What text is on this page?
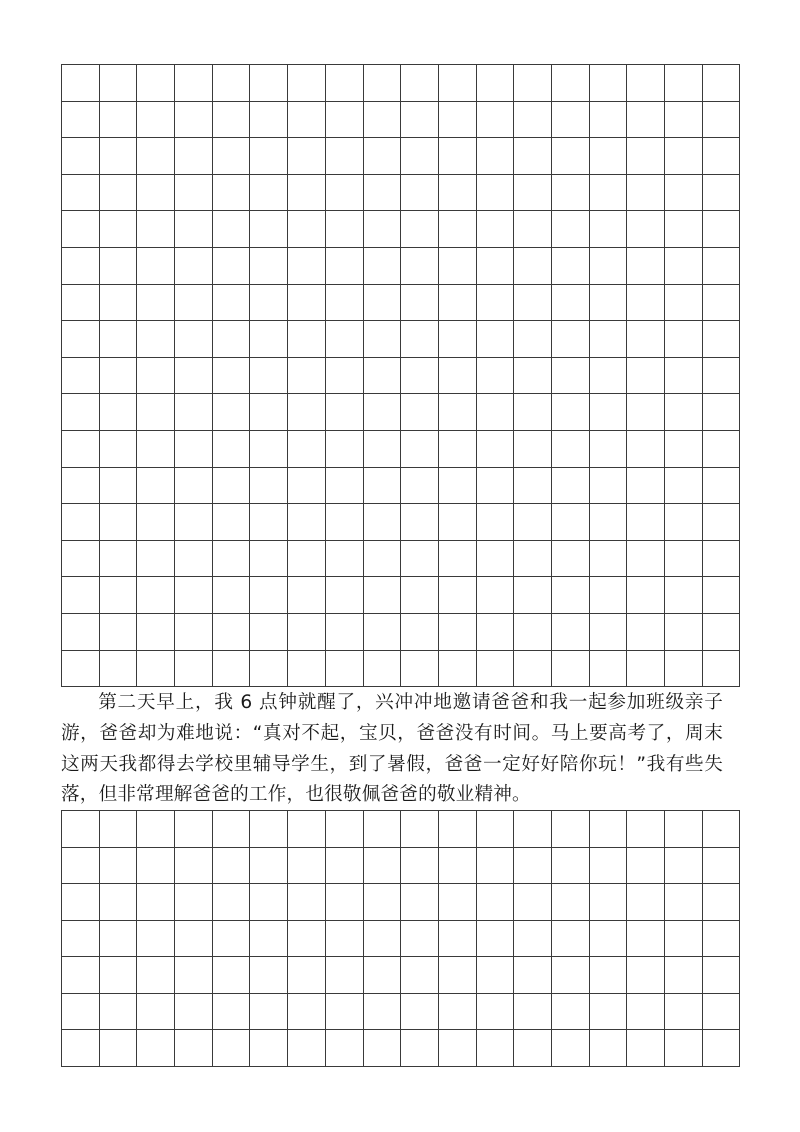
第二天早上，我 6 点钟就醒了，兴冲冲地邀请爸爸和我一起参加班级亲子游，爸爸却为难地说：“真对不起，宝贝，爸爸没有时间。马上要高考了，周末这两天我都得去学校里辅导学生，到了暑假，爸爸一定好好陪你玩！”我有些失落，但非常理解爸爸的工作，也很敬佩爸爸的敬业精神。
